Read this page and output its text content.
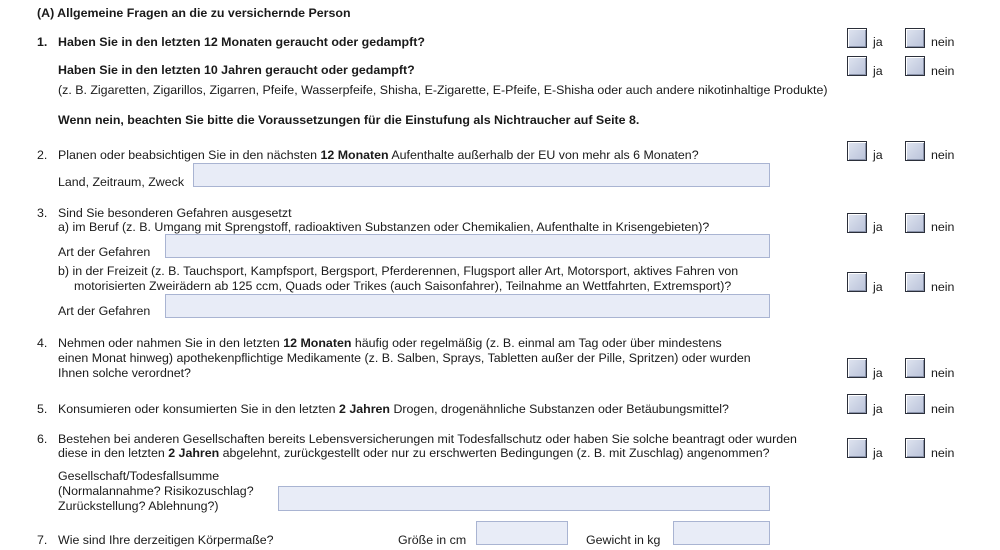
(A) Allgemeine Fragen an die zu versichernde Person
1. Haben Sie in den letzten 12 Monaten geraucht oder gedampft?	ja	nein
Haben Sie in den letzten 10 Jahren geraucht oder gedampft?	ja	nein
(z. B. Zigaretten, Zigarillos, Zigarren, Pfeife, Wasserpfeife, Shisha, E-Zigarette, E-Pfeife, E-Shisha oder auch andere nikotinhaltige Produkte)
Wenn nein, beachten Sie bitte die Voraussetzungen für die Einstufung als Nichtraucher auf Seite 8.
2. Planen oder beabsichtigen Sie in den nächsten 12 Monaten Aufenthalte außerhalb der EU von mehr als 6 Monaten?	ja	nein
Land, Zeitraum, Zweck
3. Sind Sie besonderen Gefahren ausgesetzt
a) im Beruf (z. B. Umgang mit Sprengstoff, radioaktiven Substanzen oder Chemikalien, Aufenthalte in Krisengebieten)?	ja	nein
Art der Gefahren
b) in der Freizeit (z. B. Tauchsport, Kampfsport, Bergsport, Pferderennen, Flugsport aller Art, Motorsport, aktives Fahren von
motorisierten Zweirädern ab 125 ccm, Quads oder Trikes (auch Saisonfahrer), Teilnahme an Wettfahrten, Extremsport)?	ja	nein
Art der Gefahren
4. Nehmen oder nahmen Sie in den letzten 12 Monaten häufig oder regelmäßig (z. B. einmal am Tag oder über mindestens
einen Monat hinweg) apothekenpflichtige Medikamente (z. B. Salben, Sprays, Tabletten außer der Pille, Spritzen) oder wurden
Ihnen solche verordnet?	ja	nein
5. Konsumieren oder konsumierten Sie in den letzten 2 Jahren Drogen, drogenähnliche Substanzen oder Betäubungsmittel?	ja	nein
6. Bestehen bei anderen Gesellschaften bereits Lebensversicherungen mit Todesfallschutz oder haben Sie solche beantragt oder wurden
diese in den letzten 2 Jahren abgelehnt, zurückgestellt oder nur zu erschwerten Bedingungen (z. B. mit Zuschlag) angenommen?	ja	nein
Gesellschaft/Todesfallsumme
(Normalannahme? Risikozuschlag?
Zurückstellung? Ablehnung?)
7. Wie sind Ihre derzeitigen Körpermaße?	Größe in cm	Gewicht in kg
